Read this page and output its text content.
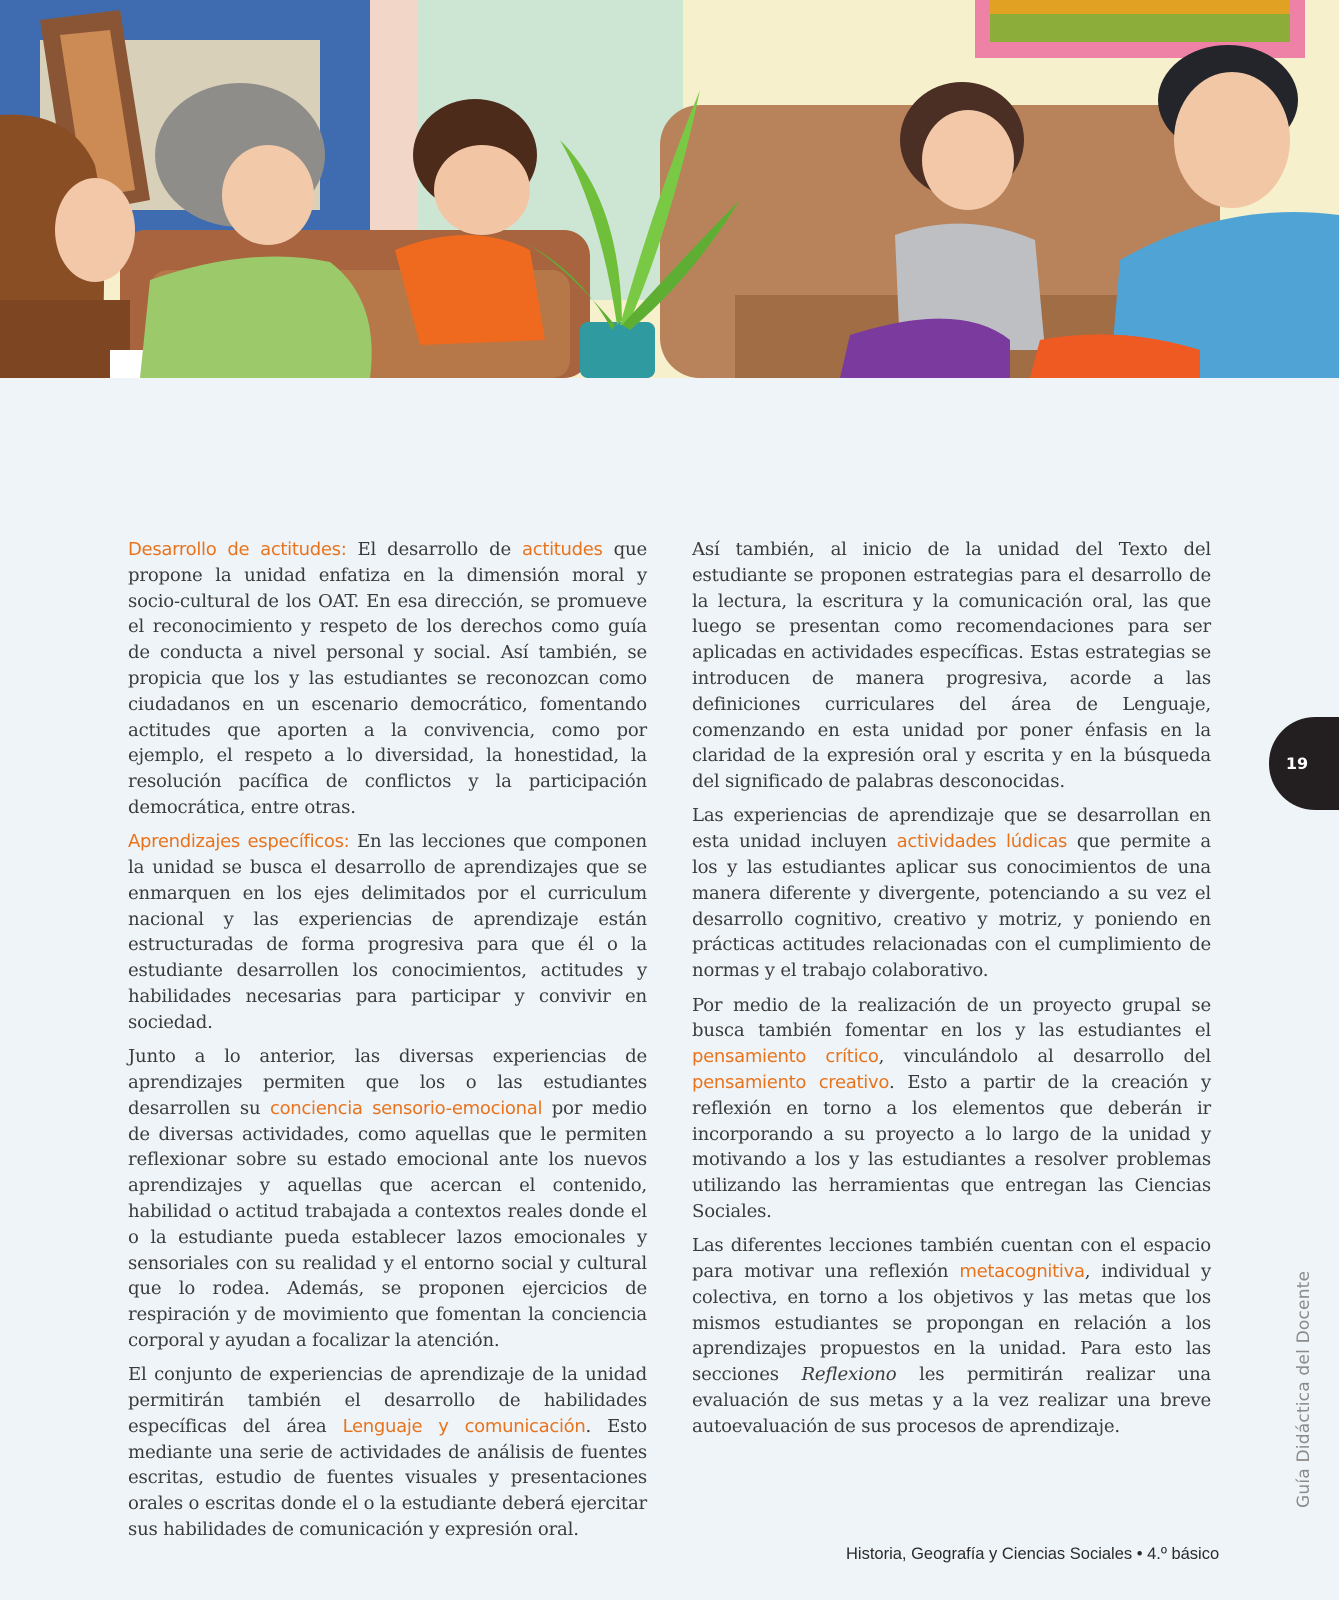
Desarrollo de actitudes: El desarrollo de actitudes que propone la unidad enfatiza en la dimensión moral y socio-cultural de los OAT. En esa dirección, se promueve el reconocimiento y respeto de los derechos como guía de conducta a nivel personal y social. Así también, se propicia que los y las estudiantes se reconozcan como ciudadanos en un escenario democrático, fomentando actitudes que aporten a la convivencia, como por ejemplo, el respeto a lo diversidad, la honestidad, la resolución pacífica de conflictos y la participación democrática, entre otras.

Aprendizajes específicos: En las lecciones que componen la unidad se busca el desarrollo de aprendizajes que se enmarquen en los ejes delimitados por el curriculum nacional y las experiencias de aprendizaje están estructuradas de forma progresiva para que él o la estudiante desarrollen los conocimientos, actitudes y habilidades necesarias para participar y convivir en sociedad.

Junto a lo anterior, las diversas experiencias de aprendizajes permiten que los o las estudiantes desarrollen su conciencia sensorio-emocional por medio de diversas actividades, como aquellas que le permiten reflexionar sobre su estado emocional ante los nuevos aprendizajes y aquellas que acercan el contenido, habilidad o actitud trabajada a contextos reales donde el o la estudiante pueda establecer lazos emocionales y sensoriales con su realidad y el entorno social y cultural que lo rodea. Además, se proponen ejercicios de respiración y de movimiento que fomentan la conciencia corporal y ayudan a focalizar la atención.

El conjunto de experiencias de aprendizaje de la unidad permitirán también el desarrollo de habilidades específicas del área Lenguaje y comunicación. Esto mediante una serie de actividades de análisis de fuentes escritas, estudio de fuentes visuales y presentaciones orales o escritas donde el o la estudiante deberá ejercitar sus habilidades de comunicación y expresión oral.

Así también, al inicio de la unidad del Texto del estudiante se proponen estrategias para el desarrollo de la lectura, la escritura y la comunicación oral, las que luego se presentan como recomendaciones para ser aplicadas en actividades específicas. Estas estrategias se introducen de manera progresiva, acorde a las definiciones curriculares del área de Lenguaje, comenzando en esta unidad por poner énfasis en la claridad de la expresión oral y escrita y en la búsqueda del significado de palabras desconocidas.

Las experiencias de aprendizaje que se desarrollan en esta unidad incluyen actividades lúdicas que permite a los y las estudiantes aplicar sus conocimientos de una manera diferente y divergente, potenciando a su vez el desarrollo cognitivo, creativo y motriz, y poniendo en prácticas actitudes relacionadas con el cumplimiento de normas y el trabajo colaborativo.

Por medio de la realización de un proyecto grupal se busca también fomentar en los y las estudiantes el pensamiento crítico, vinculándolo al desarrollo del pensamiento creativo. Esto a partir de la creación y reflexión en torno a los elementos que deberán ir incorporando a su proyecto a lo largo de la unidad y motivando a los y las estudiantes a resolver problemas utilizando las herramientas que entregan las Ciencias Sociales.

Las diferentes lecciones también cuentan con el espacio para motivar una reflexión metacognitiva, individual y colectiva, en torno a los objetivos y las metas que los mismos estudiantes se propongan en relación a los aprendizajes propuestos en la unidad. Para esto las secciones Reflexiono les permitirán realizar una evaluación de sus metas y a la vez realizar una breve autoevaluación de sus procesos de aprendizaje.

19
Guía Didáctica del Docente
Historia, Geografía y Ciencias Sociales • 4.º básico
